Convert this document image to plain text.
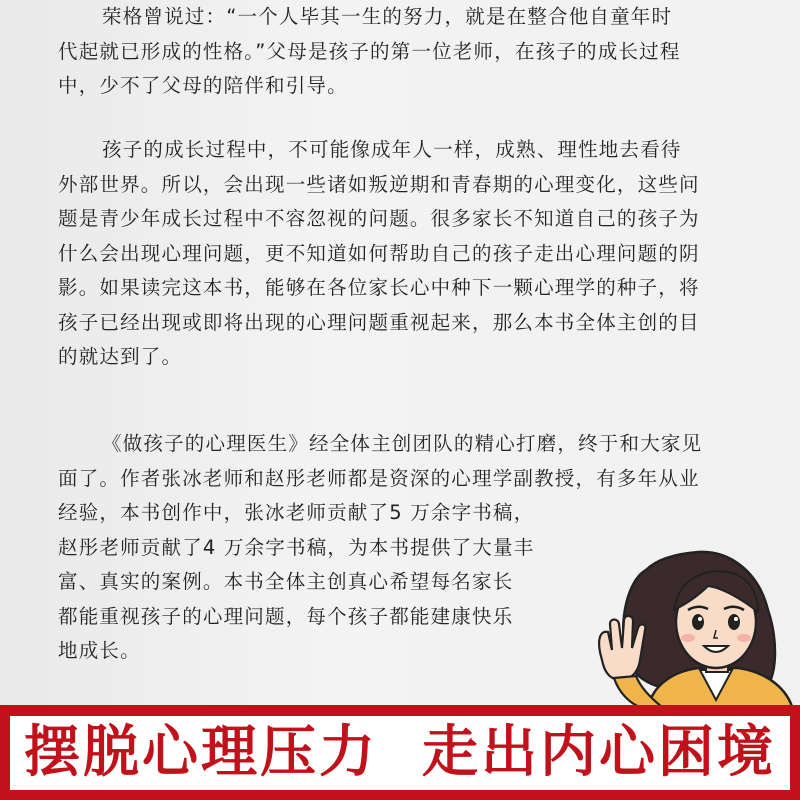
荣格曾说过：“一个人毕其一生的努力，就是在整合他自童年时
代起就已形成的性格。”父母是孩子的第一位老师，在孩子的成长过程
中，少不了父母的陪伴和引导。
孩子的成长过程中，不可能像成年人一样，成熟、理性地去看待
外部世界。所以，会出现一些诸如叛逆期和青春期的心理变化，这些问
题是青少年成长过程中不容忽视的问题。很多家长不知道自己的孩子为
什么会出现心理问题，更不知道如何帮助自己的孩子走出心理问题的阴
影。如果读完这本书，能够在各位家长心中种下一颗心理学的种子，将
孩子已经出现或即将出现的心理问题重视起来，那么本书全体主创的目
的就达到了。
《做孩子的心理医生》经全体主创团队的精心打磨，终于和大家见
面了。作者张冰老师和赵彤老师都是资深的心理学副教授，有多年从业
经验，本书创作中，张冰老师贡献了5 万余字书稿，
赵彤老师贡献了4 万余字书稿，为本书提供了大量丰
富、真实的案例。本书全体主创真心希望每名家长
都能重视孩子的心理问题，每个孩子都能建康快乐
地成长。
摆脱心理压力 走出内心困境
